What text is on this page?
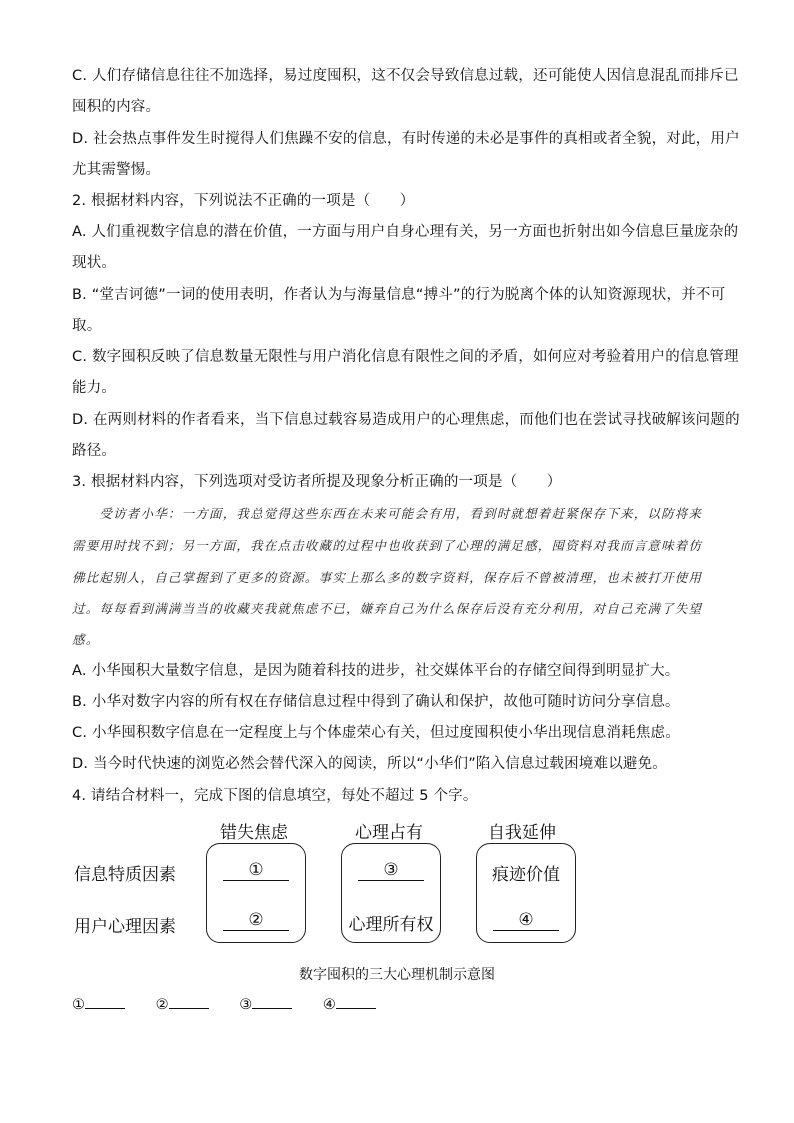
C. 人们存储信息往往不加选择，易过度囤积，这不仅会导致信息过载，还可能使人因信息混乱而排斥已
囤积的内容。
D. 社会热点事件发生时搅得人们焦躁不安的信息，有时传递的未必是事件的真相或者全貌，对此，用户
尤其需警惕。
2. 根据材料内容，下列说法不正确的一项是（　　）
A. 人们重视数字信息的潜在价值，一方面与用户自身心理有关，另一方面也折射出如今信息巨量庞杂的
现状。
B. “堂吉诃德”一词的使用表明，作者认为与海量信息“搏斗”的行为脱离个体的认知资源现状，并不可
取。
C. 数字囤积反映了信息数量无限性与用户消化信息有限性之间的矛盾，如何应对考验着用户的信息管理
能力。
D. 在两则材料的作者看来，当下信息过载容易造成用户的心理焦虑，而他们也在尝试寻找破解该问题的
路径。
3. 根据材料内容，下列选项对受访者所提及现象分析正确的一项是（　　）
　　受访者小华：一方面，我总觉得这些东西在未来可能会有用，看到时就想着赶紧保存下来，以防将来
需要用时找不到；另一方面，我在点击收藏的过程中也收获到了心理的满足感，囤资料对我而言意味着仿
佛比起别人，自己掌握到了更多的资源。事实上那么多的数字资料，保存后不曾被清理，也未被打开使用
过。每每看到满满当当的收藏夹我就焦虑不已，嫌弃自己为什么保存后没有充分利用，对自己充满了失望
感。
A. 小华囤积大量数字信息，是因为随着科技的进步，社交媒体平台的存储空间得到明显扩大。
B. 小华对数字内容的所有权在存储信息过程中得到了确认和保护，故他可随时访问分享信息。
C. 小华囤积数字信息在一定程度上与个体虚荣心有关，但过度囤积使小华出现信息消耗焦虑。
D. 当今时代快速的浏览必然会替代深入的阅读，所以“小华们”陷入信息过载困境难以避免。
4. 请结合材料一，完成下图的信息填空，每处不超过 5 个字。
错失焦虑	心理占有	自我延伸
信息特质因素
用户心理因素
①	③	痕迹价值
②	心理所有权	④
数字囤积的三大心理机制示意图
①	②	③	④
